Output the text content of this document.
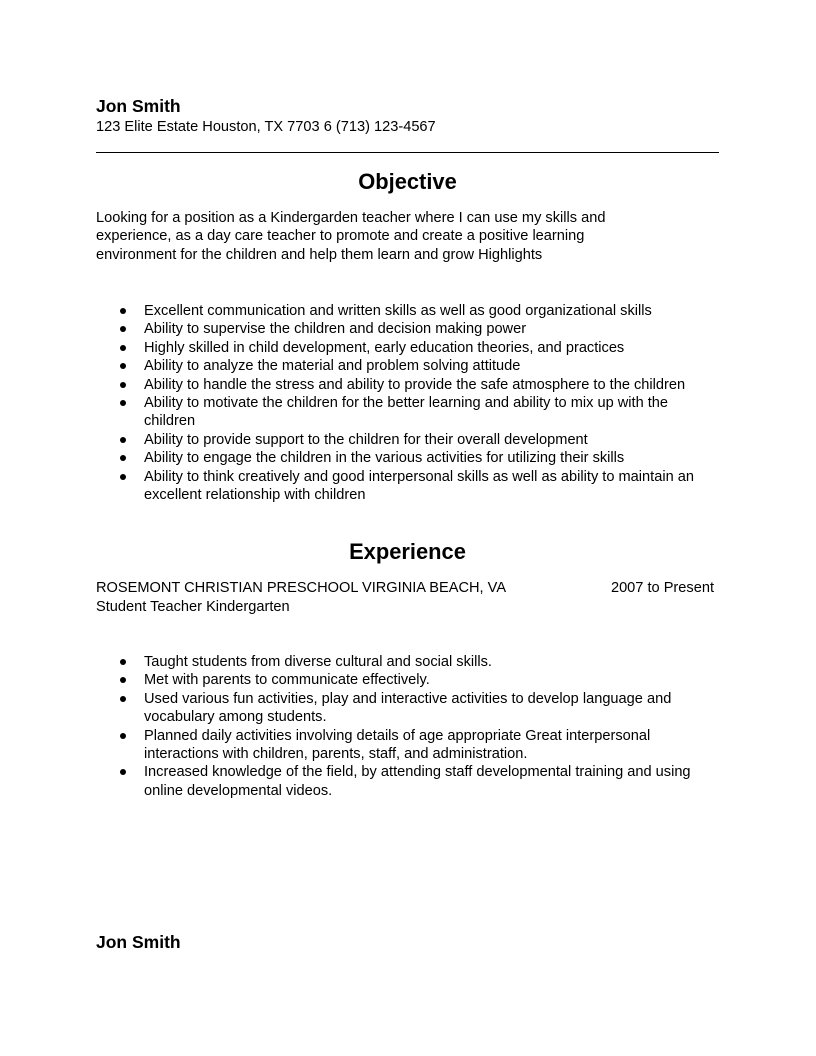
Jon Smith

123 Elite Estate Houston, TX 7703 6 (713) 123-4567

Objective

Looking for a position as a Kindergarden teacher where I can use my skills and experience, as a day care teacher to promote and create a positive learning environment for the children and help them learn and grow Highlights

Excellent communication and written skills as well as good organizational skills
Ability to supervise the children and decision making power
Highly skilled in child development, early education theories, and practices
Ability to analyze the material and problem solving attitude
Ability to handle the stress and ability to provide the safe atmosphere to the children
Ability to motivate the children for the better learning and ability to mix up with the children
Ability to provide support to the children for their overall development
Ability to engage the children in the various activities for utilizing their skills
Ability to think creatively and good interpersonal skills as well as ability to maintain an excellent relationship with children
Experience

ROSEMONT CHRISTIAN PRESCHOOL VIRGINIA BEACH, VA	2007 to Present

Student Teacher Kindergarten

Taught students from diverse cultural and social skills.
Met with parents to communicate effectively.
Used various fun activities, play and interactive activities to develop language and vocabulary among students.
Planned daily activities involving details of age appropriate Great interpersonal interactions with children, parents, staff, and administration.
Increased knowledge of the field, by attending staff developmental training and using online developmental videos.
Jon Smith
